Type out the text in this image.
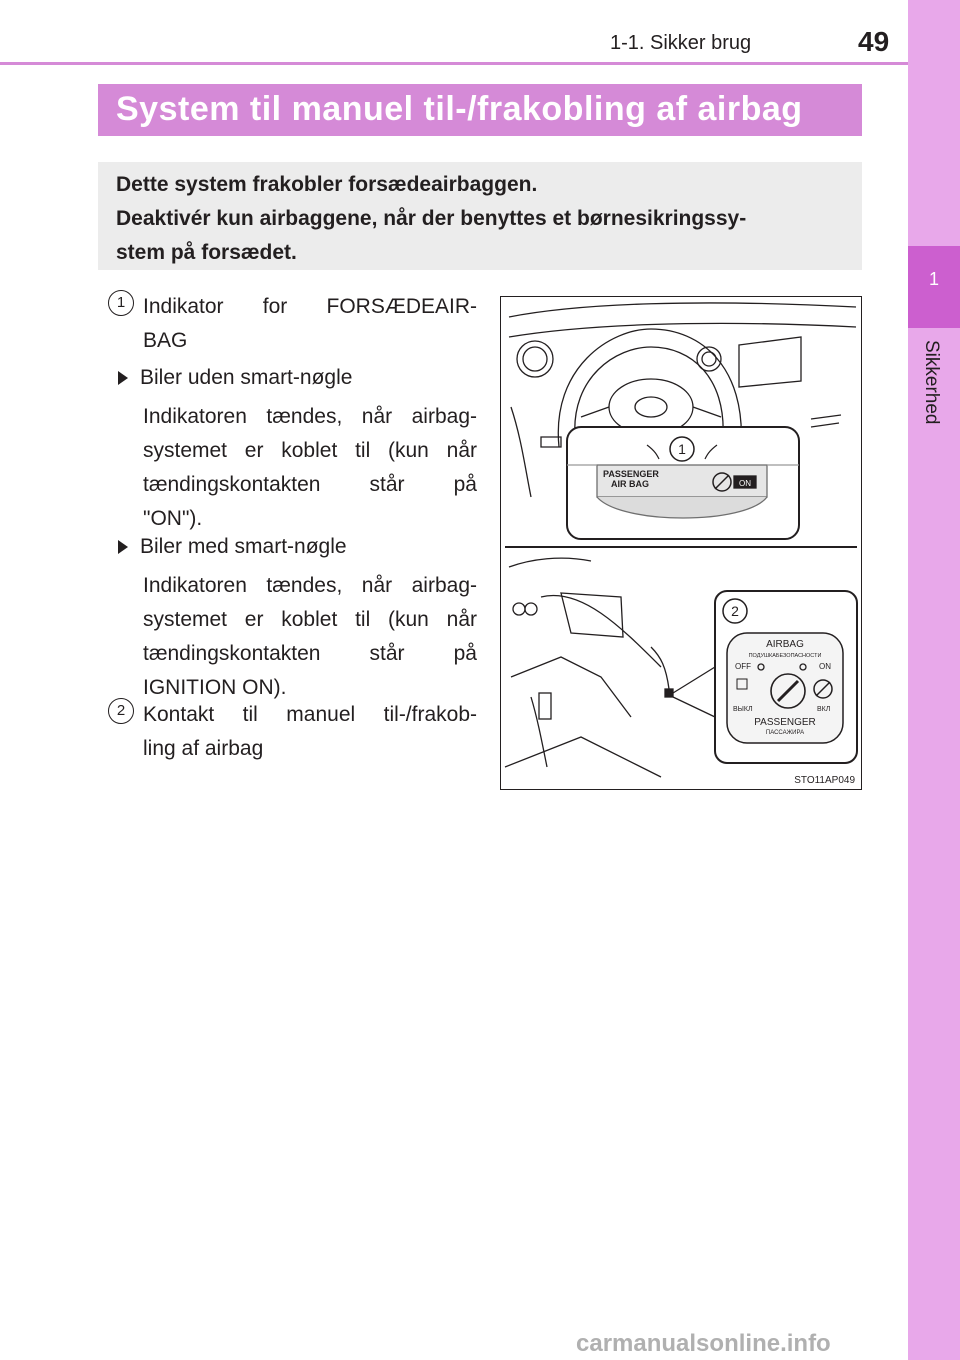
1-1. Sikker brug	49
1
Sikkerhed
System til manuel til-/frakobling af airbag
Dette system frakobler forsædeairbaggen.
Deaktivér kun airbaggene, når der benyttes et børnesikringssy-
stem på forsædet.
1 Indikator for FORSÆDEAIR-
BAG
Biler uden smart-nøgle
Indikatoren tændes, når airbag-
systemet er koblet til (kun når
tændingskontakten står på
"ON").
Biler med smart-nøgle
Indikatoren tændes, når airbag-
systemet er koblet til (kun når
tændingskontakten står på
IGNITION ON).
2 Kontakt til manuel til-/frakob-
ling af airbag
1
PASSENGER
AIR BAG	ON
2
AIRBAG
ПОДУШКАБЕЗОПАСНОСТИ
OFF	ON
ВЫКЛ	ВКЛ
PASSENGER
ПАССАЖИРА
STO11AP049
carmanualsonline.info
